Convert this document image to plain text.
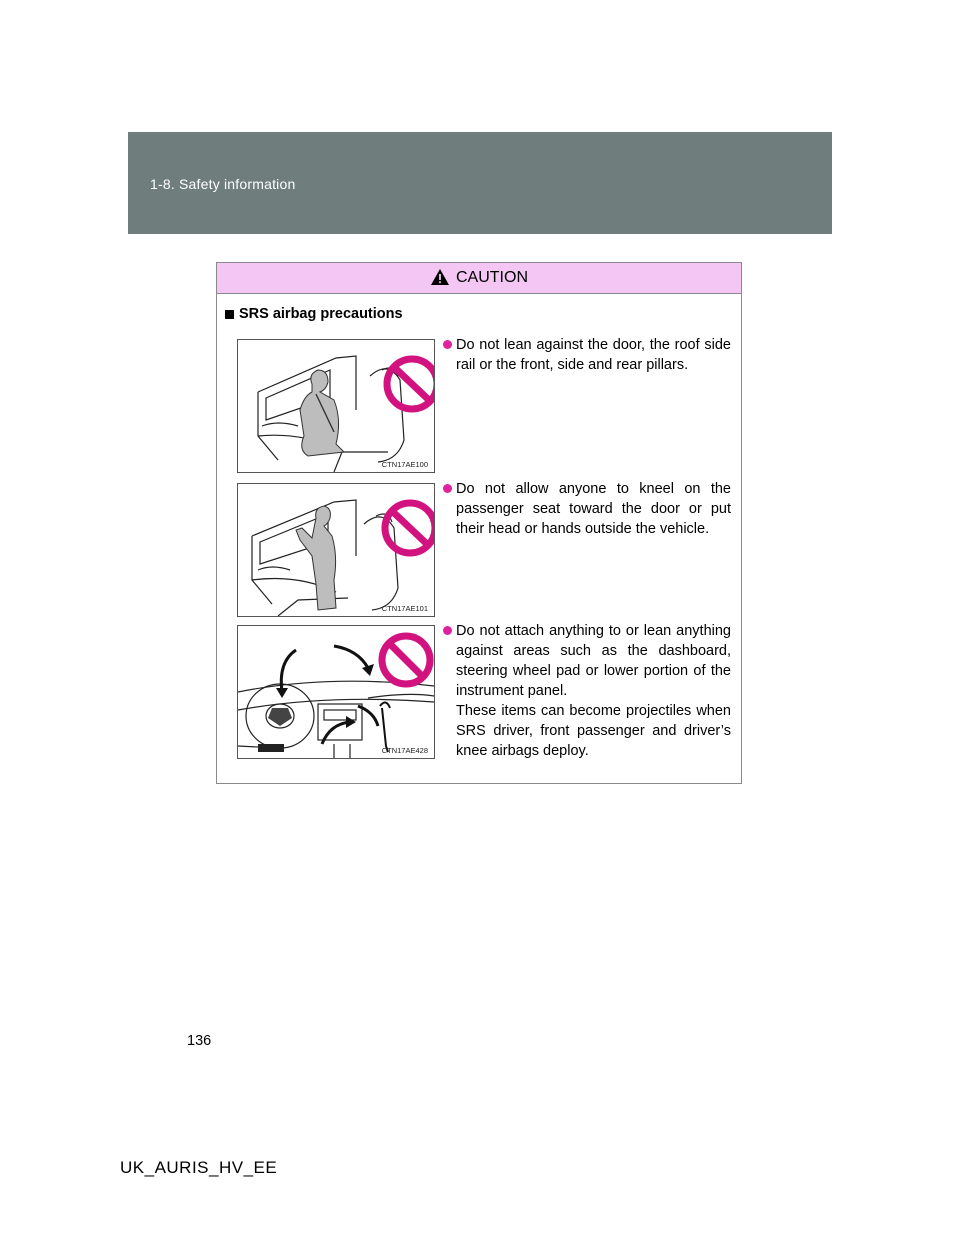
1-8. Safety information
CAUTION
SRS airbag precautions
CTN17AE100

Do not lean against the door, the roof side rail or the front, side and rear pillars.

CTN17AE101

Do not allow anyone to kneel on the passenger seat toward the door or put their head or hands outside the vehicle.

CTN17AE428

Do not attach anything to or lean anything against areas such as the dashboard, steering wheel pad or lower portion of the instrument panel.

These items can become projectiles when SRS driver, front passenger and driver’s knee airbags deploy.

136
UK_AURIS_HV_EE
